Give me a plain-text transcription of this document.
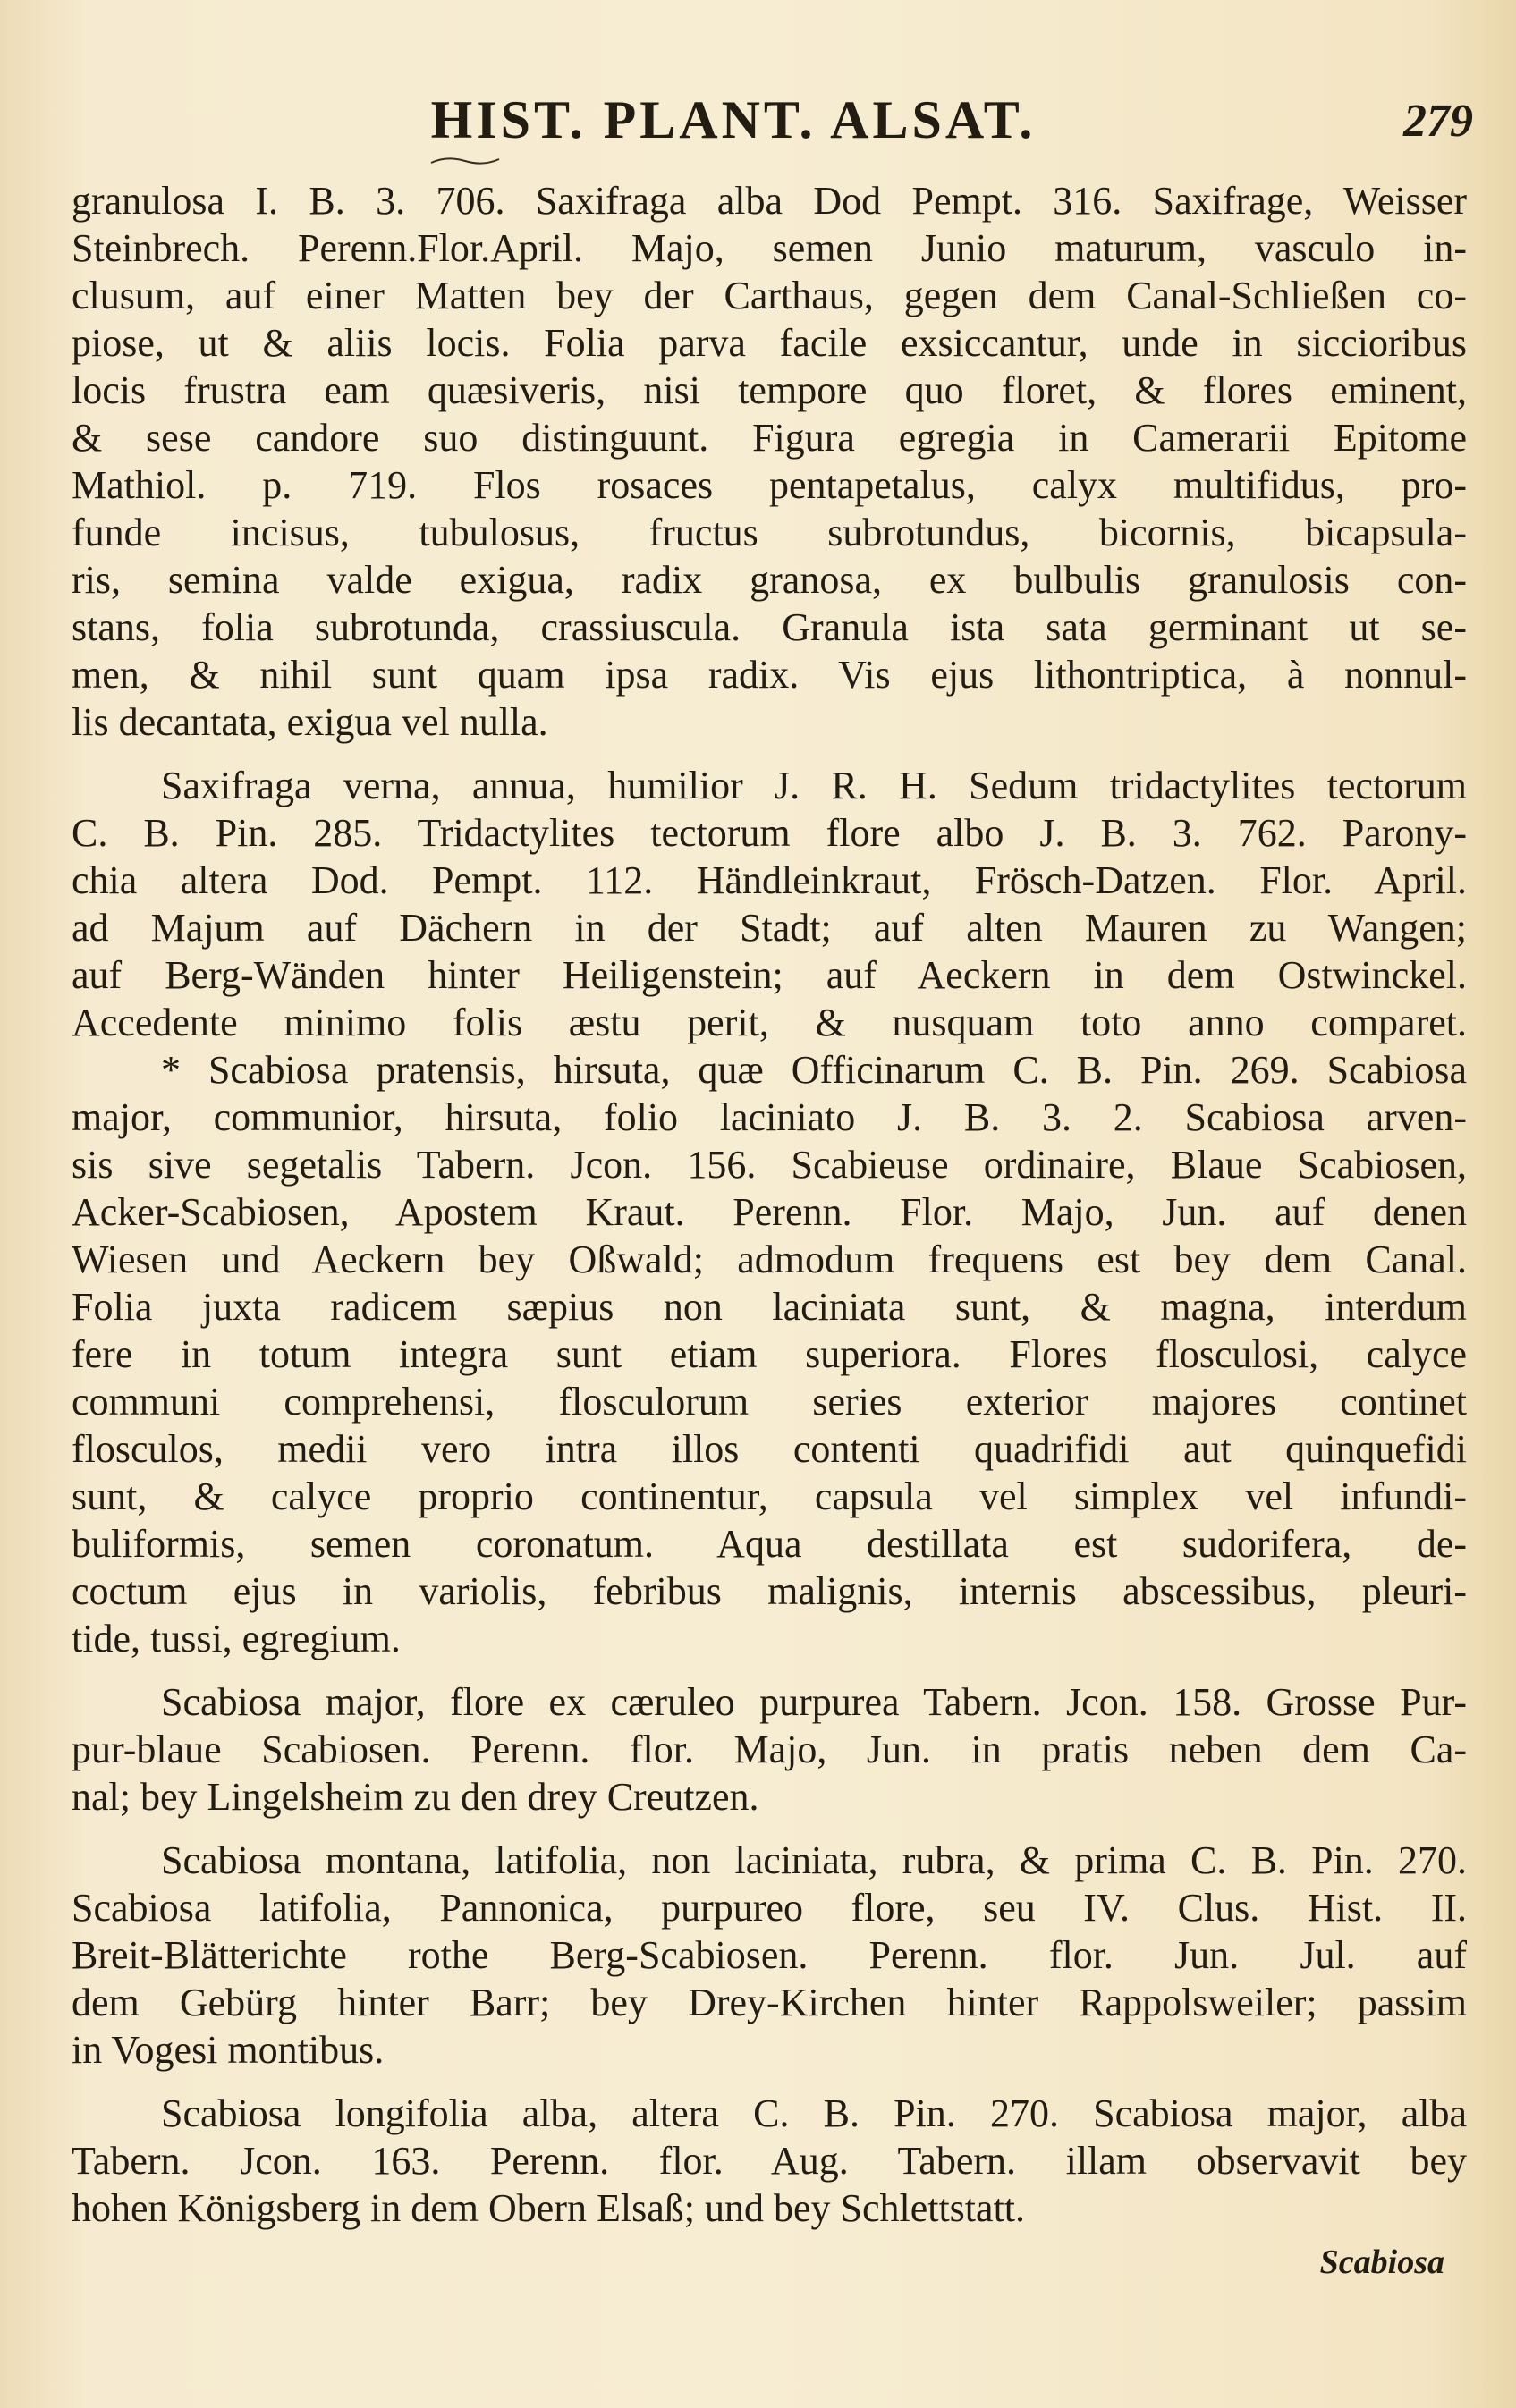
HIST. PLANT. ALSAT.	279
granulosa I. B. 3. 706. Saxifraga alba Dod Pempt. 316. Saxifrage, Weisser
Steinbrech. Perenn.Flor.April. Majo, semen Junio maturum, vasculo in-
clusum, auf einer Matten bey der Carthaus, gegen dem Canal-Schließen co-
piose, ut & aliis locis. Folia parva facile exsiccantur, unde in siccioribus
locis frustra eam quæsiveris, nisi tempore quo floret, & flores eminent,
& sese candore suo distinguunt. Figura egregia in Camerarii Epitome
Mathiol. p. 719. Flos rosaces pentapetalus, calyx multifidus, pro-
funde incisus, tubulosus, fructus subrotundus, bicornis, bicapsula-
ris, semina valde exigua, radix granosa, ex bulbulis granulosis con-
stans, folia subrotunda, crassiuscula. Granula ista sata germinant ut se-
men, & nihil sunt quam ipsa radix. Vis ejus lithontriptica, à nonnul-
lis decantata, exigua vel nulla.
Saxifraga verna, annua, humilior J. R. H. Sedum tridactylites tectorum
C. B. Pin. 285. Tridactylites tectorum flore albo J. B. 3. 762. Parony-
chia altera Dod. Pempt. 112. Händleinkraut, Frösch-Datzen. Flor. April.
ad Majum auf Dächern in der Stadt; auf alten Mauren zu Wangen;
auf Berg-Wänden hinter Heiligenstein; auf Aeckern in dem Ostwinckel.
Accedente minimo folis æstu perit, & nusquam toto anno comparet.
* Scabiosa pratensis, hirsuta, quæ Officinarum C. B. Pin. 269. Scabiosa
major, communior, hirsuta, folio laciniato J. B. 3. 2. Scabiosa arven-
sis sive segetalis Tabern. Jcon. 156. Scabieuse ordinaire, Blaue Scabiosen,
Acker-Scabiosen, Apostem Kraut. Perenn. Flor. Majo, Jun. auf denen
Wiesen und Aeckern bey Oßwald; admodum frequens est bey dem Canal.
Folia juxta radicem sæpius non laciniata sunt, & magna, interdum
fere in totum integra sunt etiam superiora. Flores flosculosi, calyce
communi comprehensi, flosculorum series exterior majores continet
flosculos, medii vero intra illos contenti quadrifidi aut quinquefidi
sunt, & calyce proprio continentur, capsula vel simplex vel infundi-
buliformis, semen coronatum. Aqua destillata est sudorifera, de-
coctum ejus in variolis, febribus malignis, internis abscessibus, pleuri-
tide, tussi, egregium.
Scabiosa major, flore ex cæruleo purpurea Tabern. Jcon. 158. Grosse Pur-
pur-blaue Scabiosen. Perenn. flor. Majo, Jun. in pratis neben dem Ca-
nal; bey Lingelsheim zu den drey Creutzen.
Scabiosa montana, latifolia, non laciniata, rubra, & prima C. B. Pin. 270.
Scabiosa latifolia, Pannonica, purpureo flore, seu IV. Clus. Hist. II.
Breit-Blätterichte rothe Berg-Scabiosen. Perenn. flor. Jun. Jul. auf
dem Gebürg hinter Barr; bey Drey-Kirchen hinter Rappolsweiler; passim
in Vogesi montibus.
Scabiosa longifolia alba, altera C. B. Pin. 270. Scabiosa major, alba
Tabern. Jcon. 163. Perenn. flor. Aug. Tabern. illam observavit bey
hohen Königsberg in dem Obern Elsaß; und bey Schlettstatt.
Scabiosa
